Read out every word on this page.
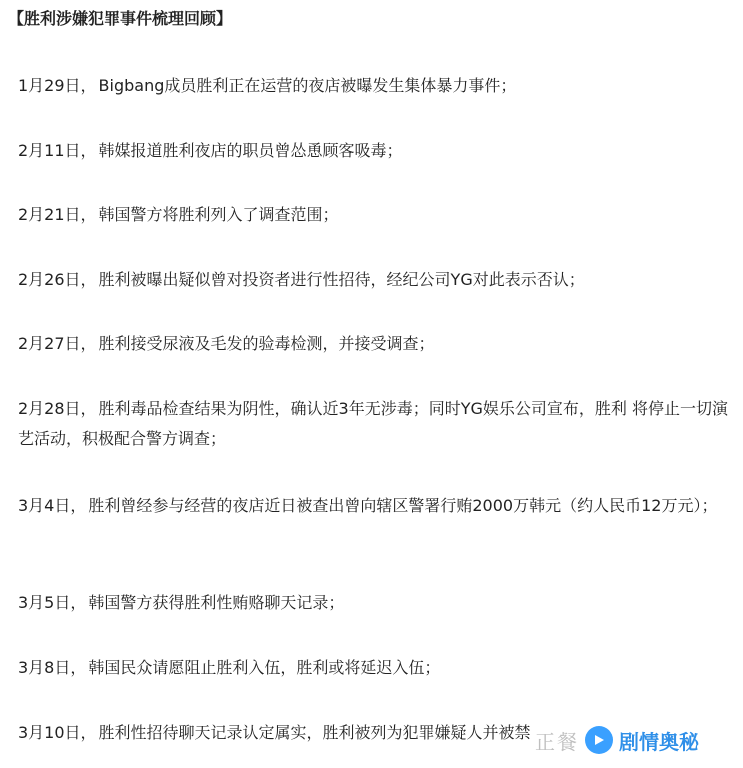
【胜利涉嫌犯罪事件梳理回顾】
1月29日， Bigbang成员胜利正在运营的夜店被曝发生集体暴力事件；
2月11日， 韩媒报道胜利夜店的职员曾怂恿顾客吸毒；
2月21日， 韩国警方将胜利列入了调查范围；
2月26日， 胜利被曝出疑似曾对投资者进行性招待，经纪公司YG对此表示否认；
2月27日， 胜利接受尿液及毛发的验毒检测，并接受调查；
2月28日， 胜利毒品检查结果为阴性，确认近3年无涉毒；同时YG娱乐公司宣布，胜利 将停止一切演艺活动，积极配合警方调查；
3月4日， 胜利曾经参与经营的夜店近日被查出曾向辖区警署行贿2000万韩元（约人民币12万元）；
3月5日， 韩国警方获得胜利性贿赂聊天记录；
3月8日， 韩国民众请愿阻止胜利入伍，胜利或将延迟入伍；
3月10日， 胜利性招待聊天记录认定属实，胜利被列为犯罪嫌疑人并被禁 正餐 剧情奥秘
